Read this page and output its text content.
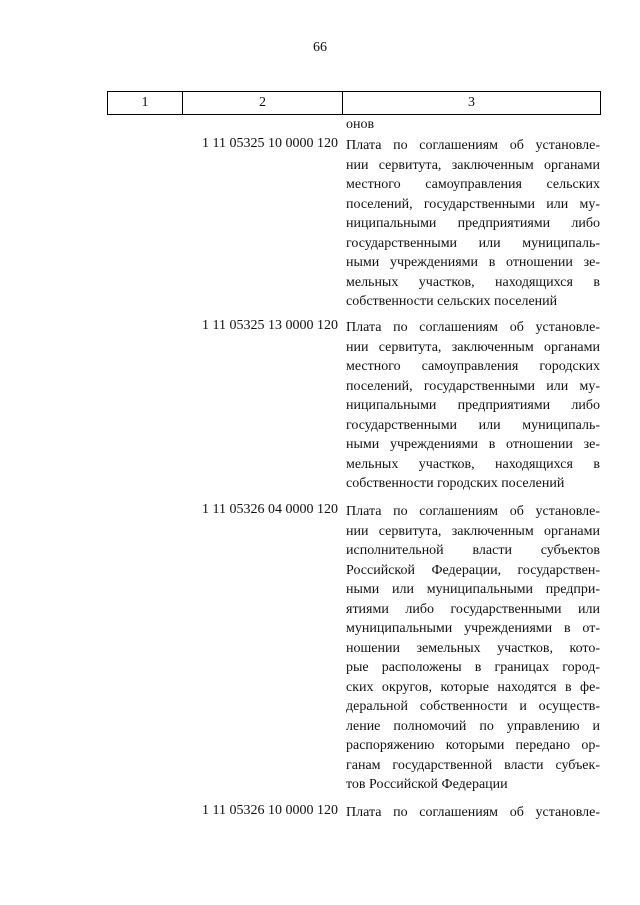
66
1	2	3
онов
1 11 05325 10 0000 120 Плата по соглашениям об установле-
нии сервитута, заключенным органами
местного самоуправления сельских
поселений, государственными или му-
ниципальными предприятиями либо
государственными или муниципаль-
ными учреждениями в отношении зе-
мельных участков, находящихся в
собственности сельских поселений
1 11 05325 13 0000 120 Плата по соглашениям об установле-
нии сервитута, заключенным органами
местного самоуправления городских
поселений, государственными или му-
ниципальными предприятиями либо
государственными или муниципаль-
ными учреждениями в отношении зе-
мельных участков, находящихся в
собственности городских поселений
1 11 05326 04 0000 120 Плата по соглашениям об установле-
нии сервитута, заключенным органами
исполнительной власти субъектов
Российской Федерации, государствен-
ными или муниципальными предпри-
ятиями либо государственными или
муниципальными учреждениями в от-
ношении земельных участков, кото-
рые расположены в границах город-
ских округов, которые находятся в фе-
деральной собственности и осуществ-
ление полномочий по управлению и
распоряжению которыми передано ор-
ганам государственной власти субъек-
тов Российской Федерации
1 11 05326 10 0000 120 Плата по соглашениям об установле-
